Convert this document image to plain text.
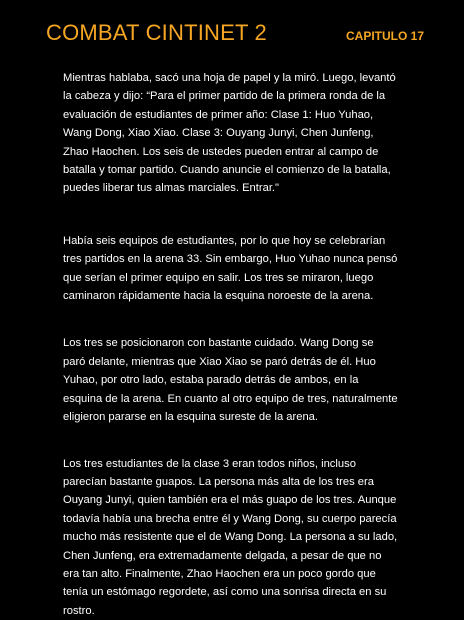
COMBAT CINTINET 2	CAPITULO 17

Mientras hablaba, sacó una hoja de papel y la miró. Luego, levantó la cabeza y dijo: “Para el primer partido de la primera ronda de la evaluación de estudiantes de primer año: Clase 1: Huo Yuhao, Wang Dong, Xiao Xiao. Clase 3: Ouyang Junyi, Chen Junfeng, Zhao Haochen. Los seis de ustedes pueden entrar al campo de batalla y tomar partido. Cuando anuncie el comienzo de la batalla, puedes liberar tus almas marciales. Entrar."

Había seis equipos de estudiantes, por lo que hoy se celebrarían tres partidos en la arena 33. Sin embargo, Huo Yuhao nunca pensó que serían el primer equipo en salir. Los tres se miraron, luego caminaron rápidamente hacia la esquina noroeste de la arena.

Los tres se posicionaron con bastante cuidado. Wang Dong se paró delante, mientras que Xiao Xiao se paró detrás de él. Huo Yuhao, por otro lado, estaba parado detrás de ambos, en la esquina de la arena. En cuanto al otro equipo de tres, naturalmente eligieron pararse en la esquina sureste de la arena.

Los tres estudiantes de la clase 3 eran todos niños, incluso parecían bastante guapos. La persona más alta de los tres era Ouyang Junyi, quien también era el más guapo de los tres. Aunque todavía había una brecha entre él y Wang Dong, su cuerpo parecía mucho más resistente que el de Wang Dong. La persona a su lado, Chen Junfeng, era extremadamente delgada, a pesar de que no era tan alto. Finalmente, Zhao Haochen era un poco gordo que tenía un estómago regordete, así como una sonrisa directa en su rostro.
